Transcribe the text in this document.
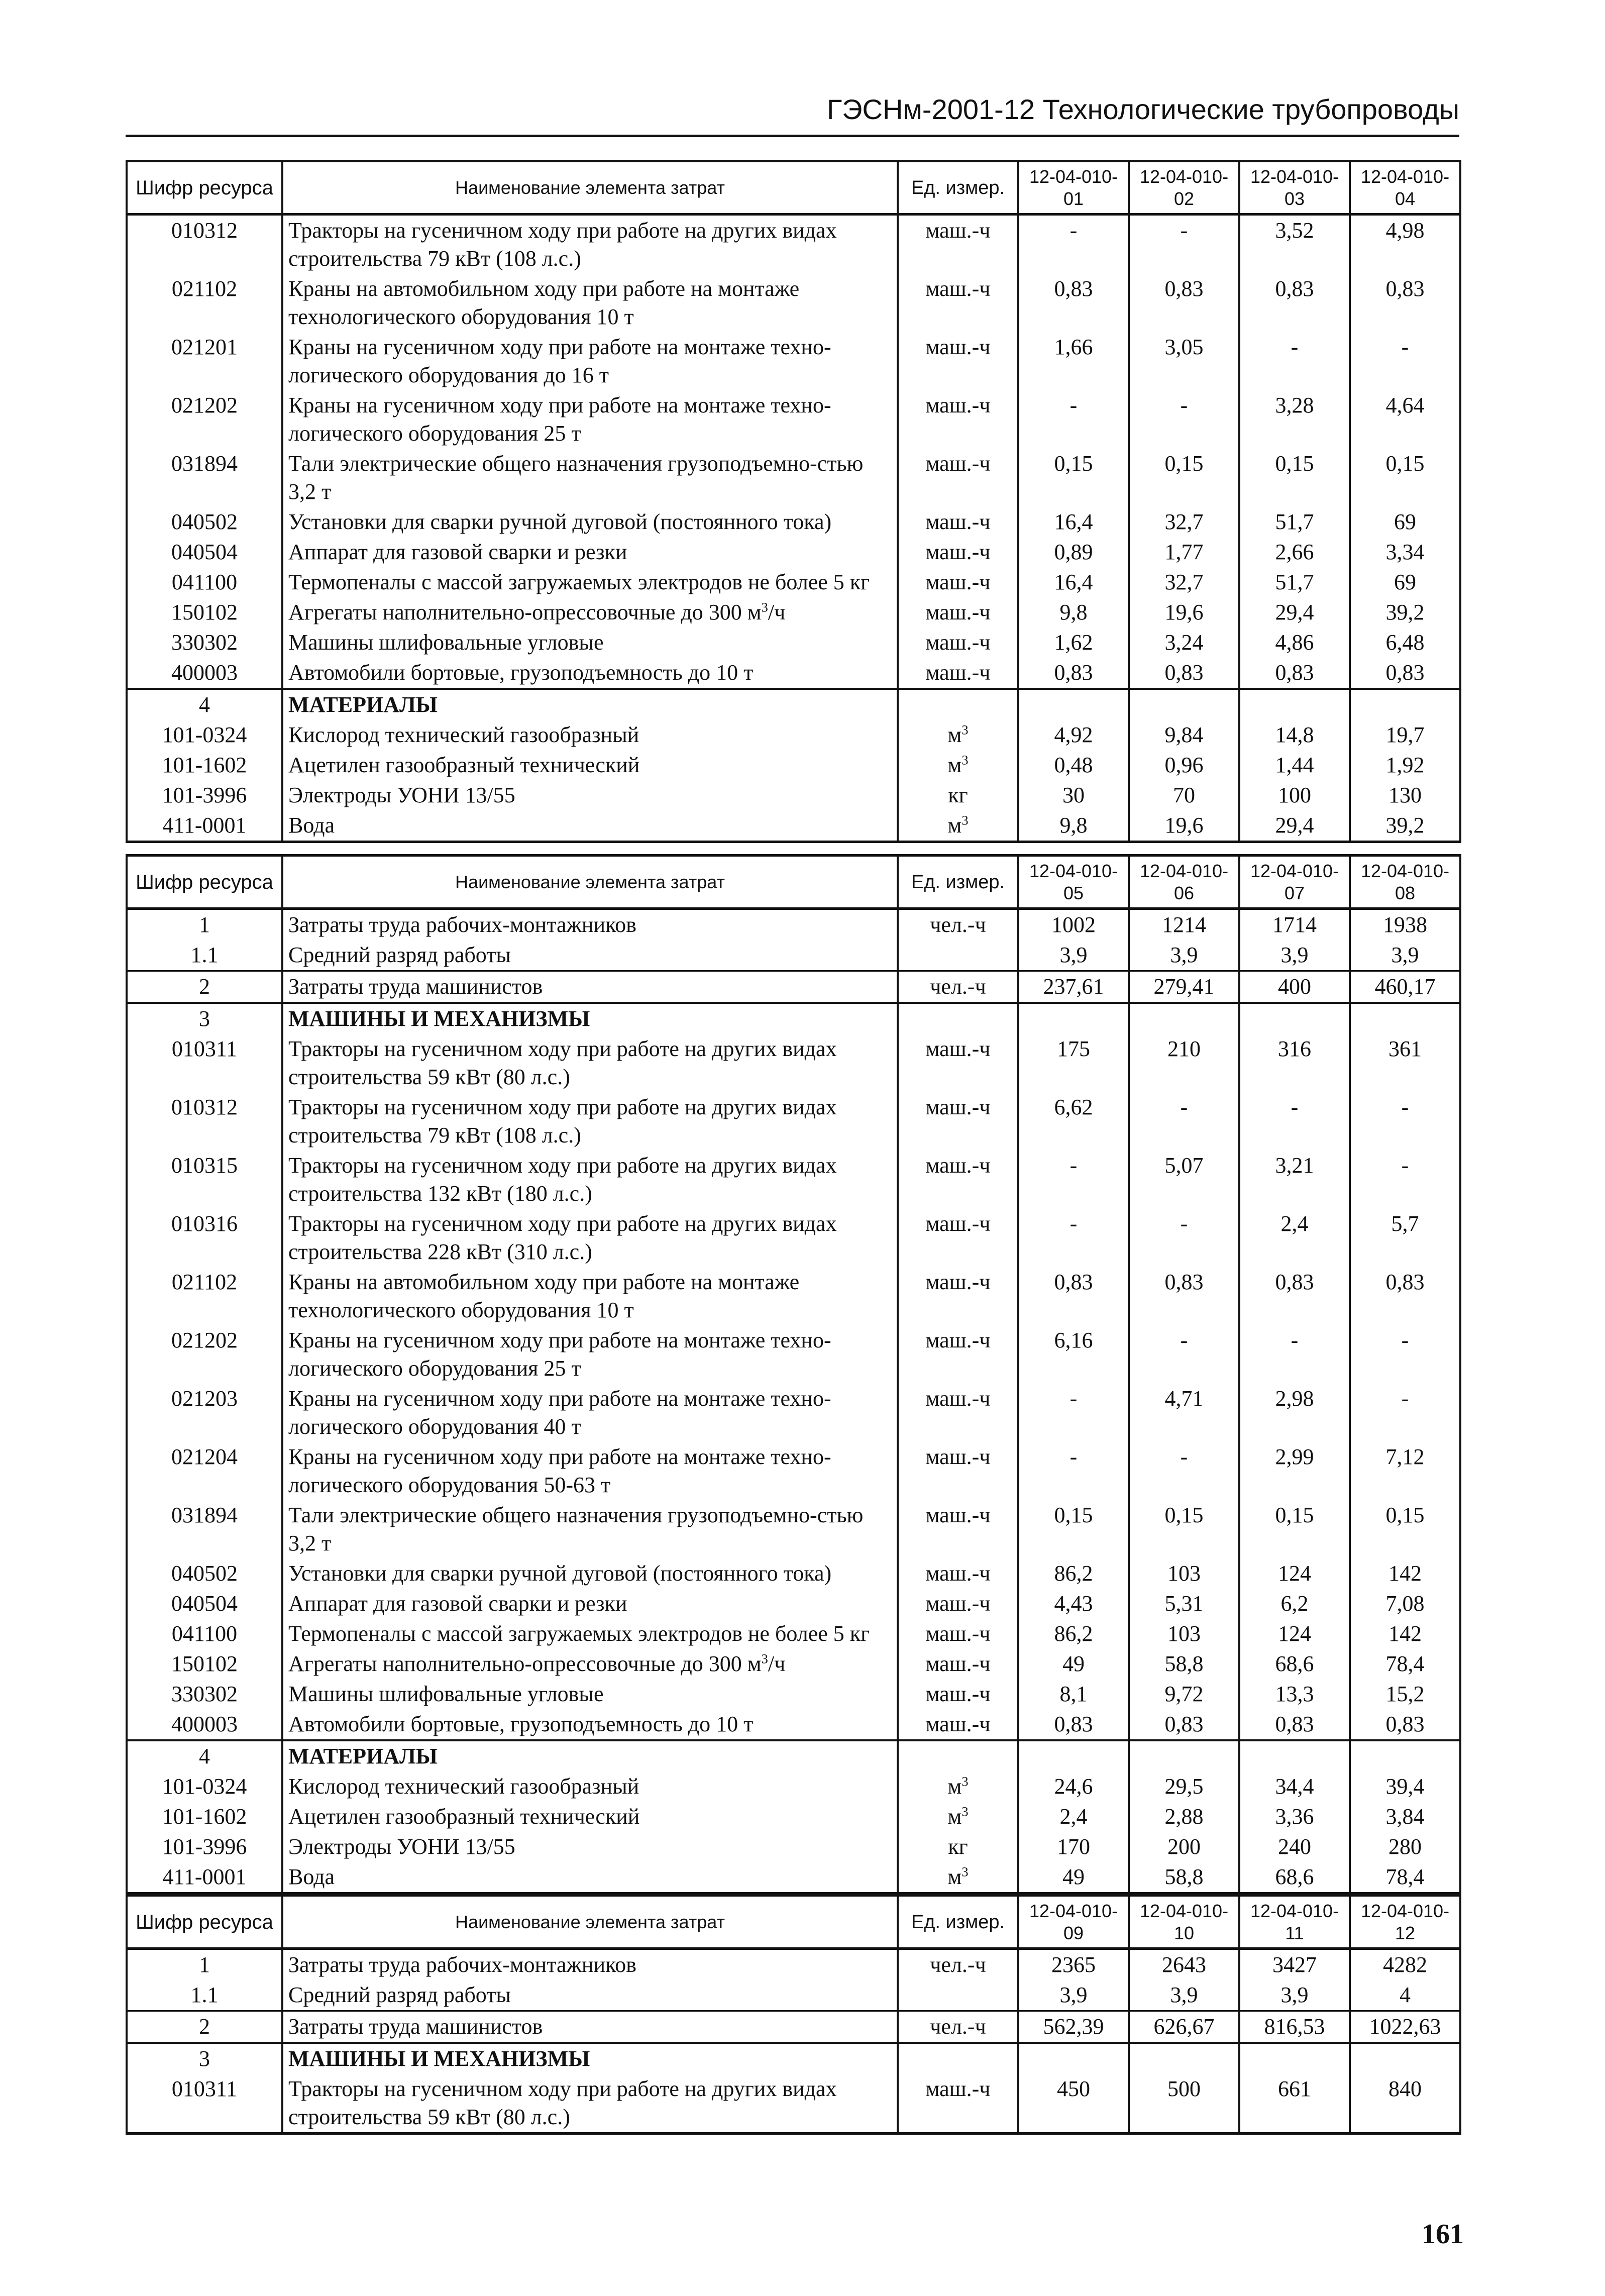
ГЭСНм-2001-12 Технологические трубопроводы
Шифр ресурса	Наименование элемента затрат	Ед. измер.	12-04-010-01	12-04-010-02	12-04-010-03	12-04-010-04
010312	Тракторы на гусеничном ходу при работе на других видах строительства 79 кВт (108 л.с.)	маш.-ч	-	-	3,52	4,98
021102	Краны на автомобильном ходу при работе на монтаже технологического оборудования 10 т	маш.-ч	0,83	0,83	0,83	0,83
021201	Краны на гусеничном ходу при работе на монтаже техно-логического оборудования до 16 т	маш.-ч	1,66	3,05	-	-
021202	Краны на гусеничном ходу при работе на монтаже техно-логического оборудования 25 т	маш.-ч	-	-	3,28	4,64
031894	Тали электрические общего назначения грузоподъемно-стью 3,2 т	маш.-ч	0,15	0,15	0,15	0,15
040502	Установки для сварки ручной дуговой (постоянного тока)	маш.-ч	16,4	32,7	51,7	69
040504	Аппарат для газовой сварки и резки	маш.-ч	0,89	1,77	2,66	3,34
041100	Термопеналы с массой загружаемых электродов не более 5 кг	маш.-ч	16,4	32,7	51,7	69
150102	Агрегаты наполнительно-опрессовочные до 300 $м^3/ч$	маш.-ч	9,8	19,6	29,4	39,2
330302	Машины шлифовальные угловые	маш.-ч	1,62	3,24	4,86	6,48
400003	Автомобили бортовые, грузоподъемность до 10 т	маш.-ч	0,83	0,83	0,83	0,83
4	МАТЕРИАЛЫ					
101-0324	Кислород технический газообразный	$м^3$	4,92	9,84	14,8	19,7
101-1602	Ацетилен газообразный технический	$м^3$	0,48	0,96	1,44	1,92
101-3996	Электроды УОНИ 13/55	кг	30	70	100	130
411-0001	Вода	$м^3$	9,8	19,6	29,4	39,2
Шифр ресурса	Наименование элемента затрат	Ед. измер.	12-04-010-05	12-04-010-06	12-04-010-07	12-04-010-08
1	Затраты труда рабочих-монтажников	чел.-ч	1002	1214	1714	1938
1.1	Средний разряд работы		3,9	3,9	3,9	3,9
2	Затраты труда машинистов	чел.-ч	237,61	279,41	400	460,17
3	МАШИНЫ И МЕХАНИЗМЫ					
010311	Тракторы на гусеничном ходу при работе на других видах строительства 59 кВт (80 л.с.)	маш.-ч	175	210	316	361
010312	Тракторы на гусеничном ходу при работе на других видах строительства 79 кВт (108 л.с.)	маш.-ч	6,62	-	-	-
010315	Тракторы на гусеничном ходу при работе на других видах строительства 132 кВт (180 л.с.)	маш.-ч	-	5,07	3,21	-
010316	Тракторы на гусеничном ходу при работе на других видах строительства 228 кВт (310 л.с.)	маш.-ч	-	-	2,4	5,7
021102	Краны на автомобильном ходу при работе на монтаже технологического оборудования 10 т	маш.-ч	0,83	0,83	0,83	0,83
021202	Краны на гусеничном ходу при работе на монтаже техно-логического оборудования 25 т	маш.-ч	6,16	-	-	-
021203	Краны на гусеничном ходу при работе на монтаже техно-логического оборудования 40 т	маш.-ч	-	4,71	2,98	-
021204	Краны на гусеничном ходу при работе на монтаже техно-логического оборудования 50-63 т	маш.-ч	-	-	2,99	7,12
031894	Тали электрические общего назначения грузоподъемно-стью 3,2 т	маш.-ч	0,15	0,15	0,15	0,15
040502	Установки для сварки ручной дуговой (постоянного тока)	маш.-ч	86,2	103	124	142
040504	Аппарат для газовой сварки и резки	маш.-ч	4,43	5,31	6,2	7,08
041100	Термопеналы с массой загружаемых электродов не более 5 кг	маш.-ч	86,2	103	124	142
150102	Агрегаты наполнительно-опрессовочные до 300 $м^3/ч$	маш.-ч	49	58,8	68,6	78,4
330302	Машины шлифовальные угловые	маш.-ч	8,1	9,72	13,3	15,2
400003	Автомобили бортовые, грузоподъемность до 10 т	маш.-ч	0,83	0,83	0,83	0,83
4	МАТЕРИАЛЫ					
101-0324	Кислород технический газообразный	$м^3$	24,6	29,5	34,4	39,4
101-1602	Ацетилен газообразный технический	$м^3$	2,4	2,88	3,36	3,84
101-3996	Электроды УОНИ 13/55	кг	170	200	240	280
411-0001	Вода	$м^3$	49	58,8	68,6	78,4
Шифр ресурса	Наименование элемента затрат	Ед. измер.	12-04-010-09	12-04-010-10	12-04-010-11	12-04-010-12
1	Затраты труда рабочих-монтажников	чел.-ч	2365	2643	3427	4282
1.1	Средний разряд работы		3,9	3,9	3,9	4
2	Затраты труда машинистов	чел.-ч	562,39	626,67	816,53	1022,63
3	МАШИНЫ И МЕХАНИЗМЫ					
010311	Тракторы на гусеничном ходу при работе на других видах строительства 59 кВт (80 л.с.)	маш.-ч	450	500	661	840
161
